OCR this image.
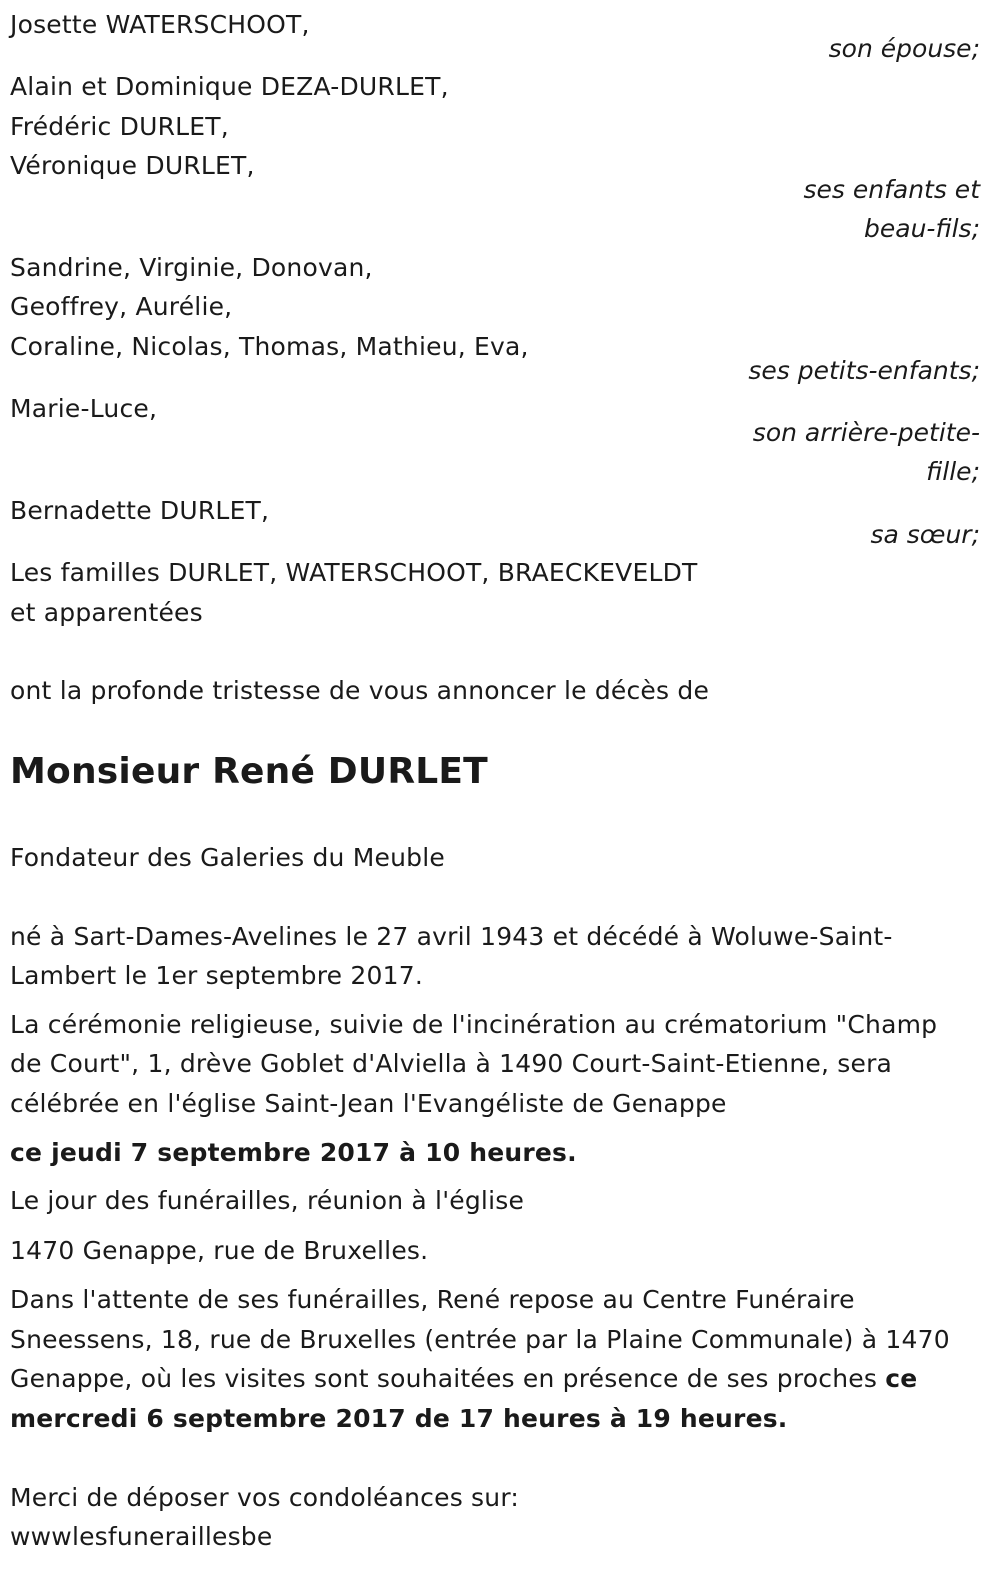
Josette WATERSCHOOT,
son épouse;
Alain et Dominique DEZA-DURLET,
Frédéric DURLET,
Véronique DURLET,
ses enfants et
beau-fils;
Sandrine, Virginie, Donovan,
Geoffrey, Aurélie,
Coraline, Nicolas, Thomas, Mathieu, Eva,
ses petits-enfants;
Marie-Luce,
son arrière-petite-
fille;
Bernadette DURLET,
sa sœur;
Les familles DURLET, WATERSCHOOT, BRAECKEVELDT
et apparentées
ont la profonde tristesse de vous annoncer le décès de
Monsieur René DURLET
Fondateur des Galeries du Meuble
né à Sart-Dames-Avelines le 27 avril 1943 et décédé à Woluwe-Saint-
Lambert le 1er septembre 2017.
La cérémonie religieuse, suivie de l'incinération au crématorium "Champ
de Court", 1, drève Goblet d'Alviella à 1490 Court-Saint-Etienne, sera
célébrée en l'église Saint-Jean l'Evangéliste de Genappe
ce jeudi 7 septembre 2017 à 10 heures.
Le jour des funérailles, réunion à l'église
1470 Genappe, rue de Bruxelles.
Dans l'attente de ses funérailles, René repose au Centre Funéraire
Sneessens, 18, rue de Bruxelles (entrée par la Plaine Communale) à 1470
Genappe, où les visites sont souhaitées en présence de ses proches ce
mercredi 6 septembre 2017 de 17 heures à 19 heures.
Merci de déposer vos condoléances sur:
wwwlesfuneraillesbe
